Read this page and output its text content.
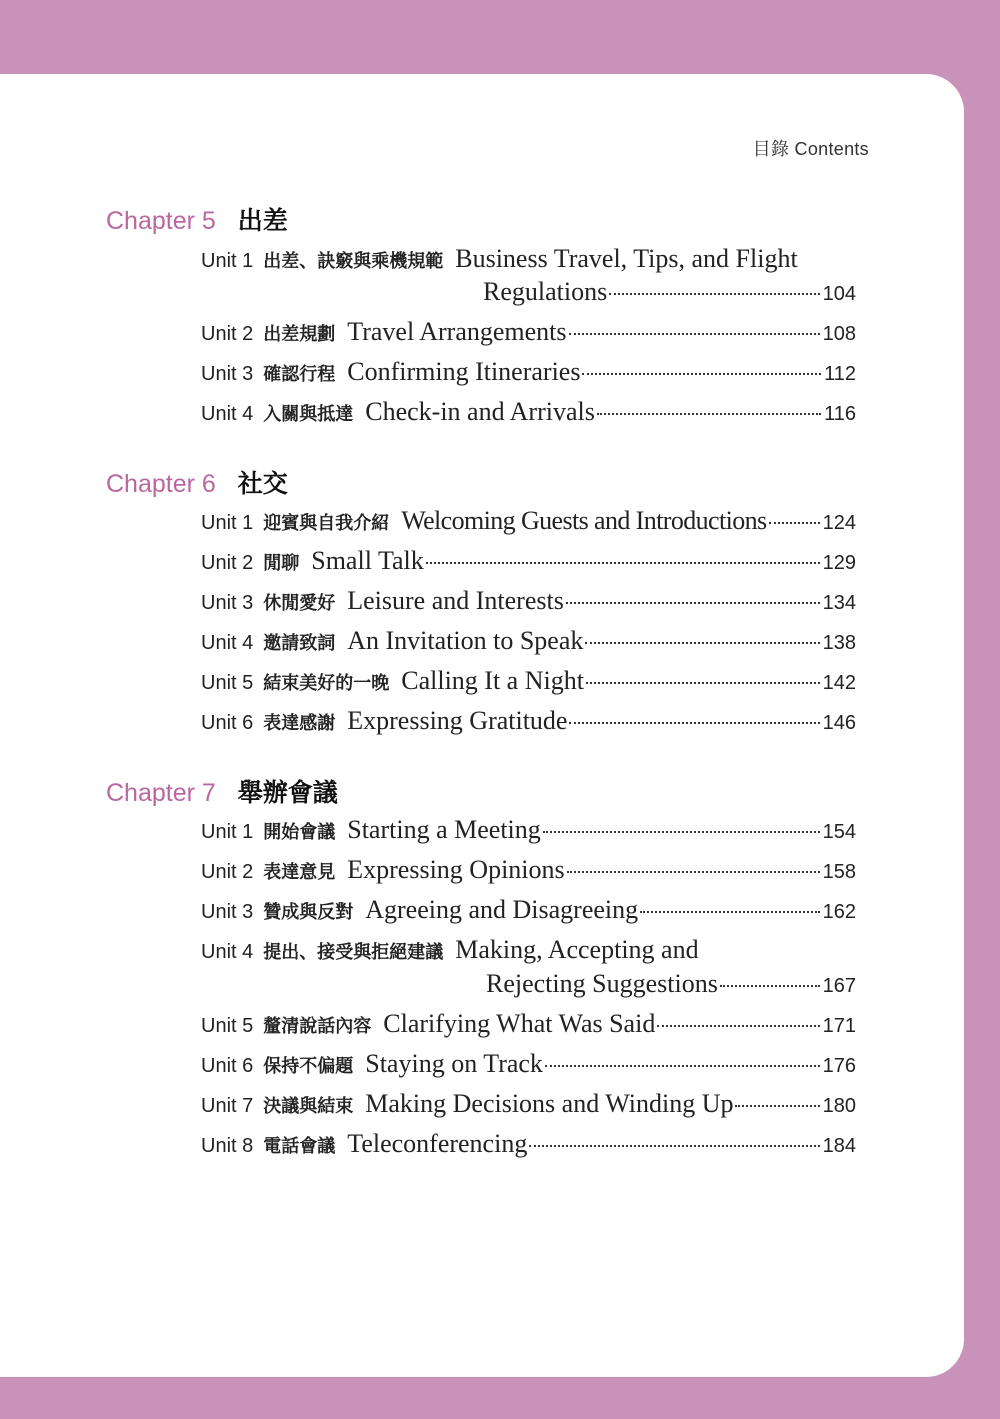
目錄 Contents
Chapter 5 出差
Unit 1 出差、訣竅與乘機規範 Business Travel, Tips, and Flight
Regulations	104
Unit 2 出差規劃 Travel Arrangements	108
Unit 3 確認行程 Confirming Itineraries	112
Unit 4 入關與抵達 Check-in and Arrivals	116
Chapter 6 社交
Unit 1 迎賓與自我介紹 Welcoming Guests and Introductions	124
Unit 2 閒聊 Small Talk	129
Unit 3 休閒愛好 Leisure and Interests	134
Unit 4 邀請致詞 An Invitation to Speak	138
Unit 5 結束美好的一晚 Calling It a Night	142
Unit 6 表達感謝 Expressing Gratitude	146
Chapter 7 舉辦會議
Unit 1 開始會議 Starting a Meeting	154
Unit 2 表達意見 Expressing Opinions	158
Unit 3 贊成與反對 Agreeing and Disagreeing	162
Unit 4 提出、接受與拒絕建議 Making, Accepting and
Rejecting Suggestions	167
Unit 5 釐清說話內容 Clarifying What Was Said	171
Unit 6 保持不偏題 Staying on Track	176
Unit 7 決議與結束 Making Decisions and Winding Up	180
Unit 8 電話會議 Teleconferencing	184
